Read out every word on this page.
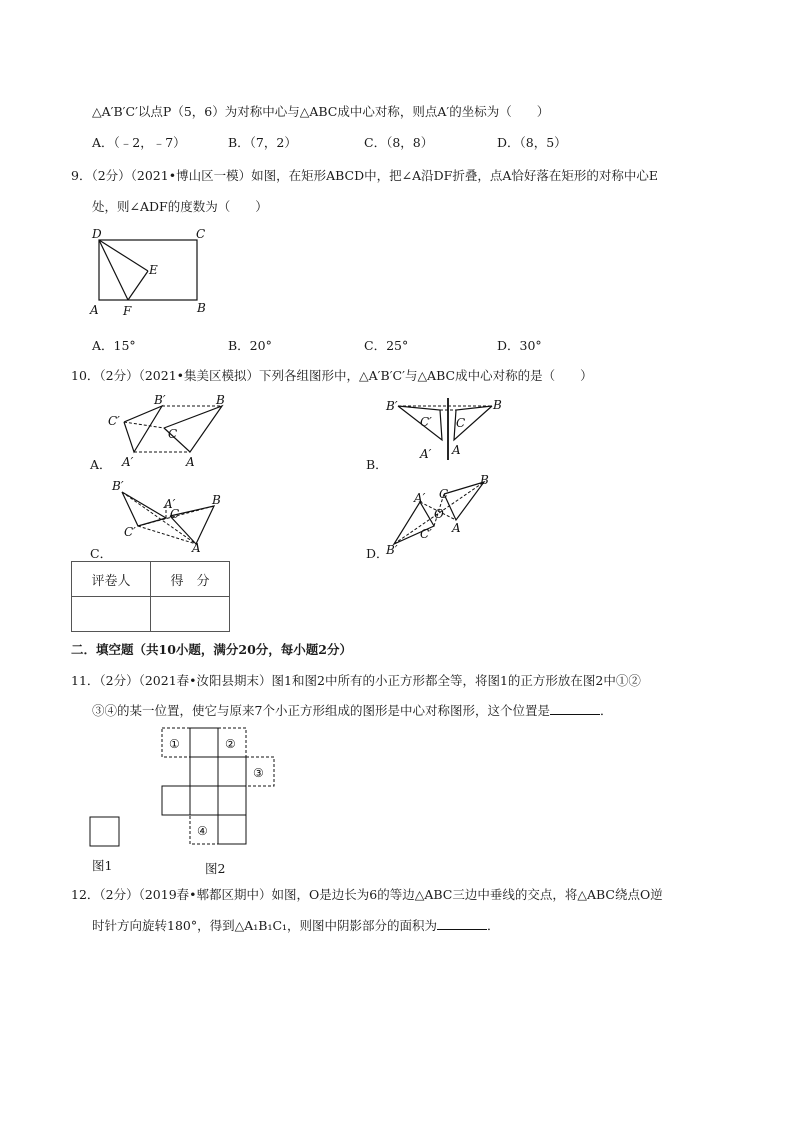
△A′B′C′以点P（5，6）为对称中心与△ABC成中心对称，则点A′的坐标为（　　）
A．（﹣2，﹣7）	B．（7，2）	C．（8，8）	D．（8，5）
9．（2分）（2021•博山区一模）如图，在矩形ABCD中，把∠A沿DF折叠，点A恰好落在矩形的对称中心E
处，则∠ADF的度数为（　　）
D	C
E
A F	B
A．15°	B．20°	C．25°	D．30°
10．（2分）（2021•集美区模拟）下列各组图形中，△A′B′C′与△ABC成中心对称的是（　　）
C′
B′	B
C
A′	A
A．
B′	B
C′ C
A′ A
B．
B′
A′
C
B
C′
A
C．
A′ C
B
O
C′ A
B′
D．
评卷人	得　分

二．填空题（共10小题，满分20分，每小题2分）
11．（2分）（2021春•汝阳县期末）图1和图2中所有的小正方形都全等，将图1的正方形放在图2中①②
③④的某一位置，使它与原来7个小正方形组成的图形是中心对称图形，这个位置是	．
①	②
③
④
图1	图2
12．（2分）（2019春•郫都区期中）如图，O是边长为6的等边△ABC三边中垂线的交点，将△ABC绕点O逆
时针方向旋转180°，得到△A₁B₁C₁，则图中阴影部分的面积为	．
